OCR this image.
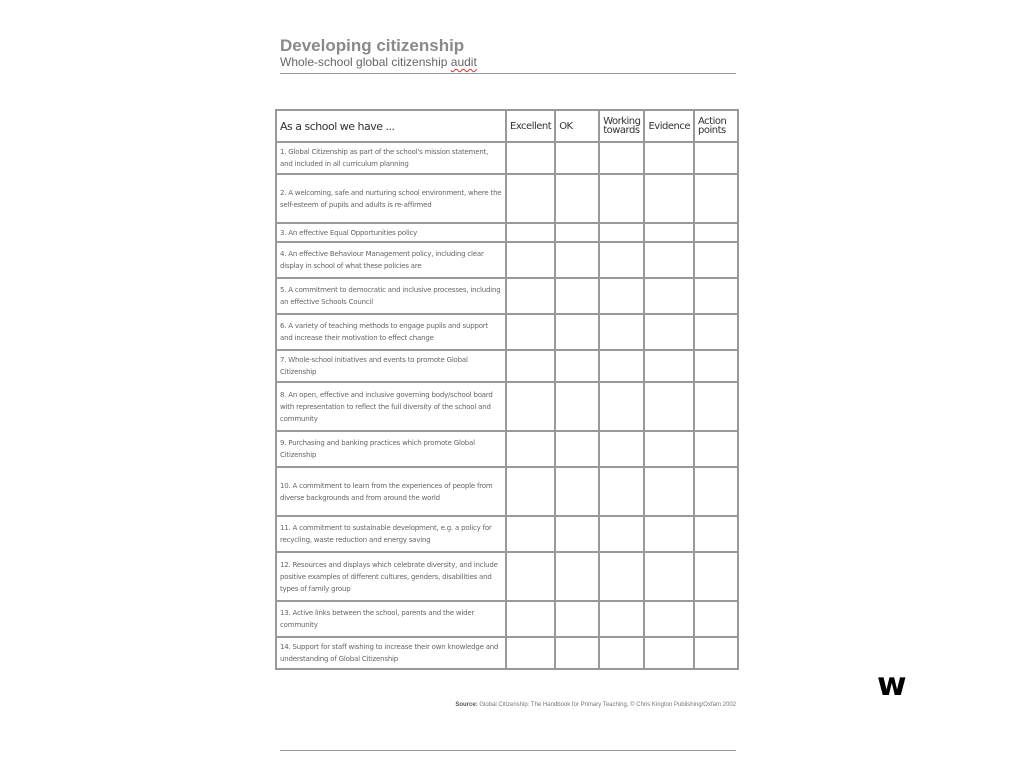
Developing citizenship
Whole-school global citizenship audit
As a school we have ...	Excellent	OK	Working towards	Evidence	Action points
1. Global Citizenship as part of the school's mission statement, and included in all curriculum planning					
2. A welcoming, safe and nurturing school environment, where the self-esteem of pupils and adults is re-affirmed					
3. An effective Equal Opportunities policy					
4. An effective Behaviour Management policy, including clear display in school of what these policies are					
5. A commitment to democratic and inclusive processes, including an effective Schools Council					
6. A variety of teaching methods to engage pupils and support and increase their motivation to effect change					
7. Whole-school initiatives and events to promote Global Citizenship					
8. An open, effective and inclusive governing body/school board with representation to reflect the full diversity of the school and community					
9. Purchasing and banking practices which promote Global Citizenship					
10. A commitment to learn from the experiences of people from diverse backgrounds and from around the world					
11. A commitment to sustainable development, e.g. a policy for recycling, waste reduction and energy saving					
12. Resources and displays which celebrate diversity, and include positive examples of different cultures, genders, disabilities and types of family group					
13. Active links between the school, parents and the wider community					
14. Support for staff wishing to increase their own knowledge and understanding of Global Citizenship					
Source: Global Citizenship: The Handbook for Primary Teaching, © Chris Kington Publishing/Oxfam 2002
w
